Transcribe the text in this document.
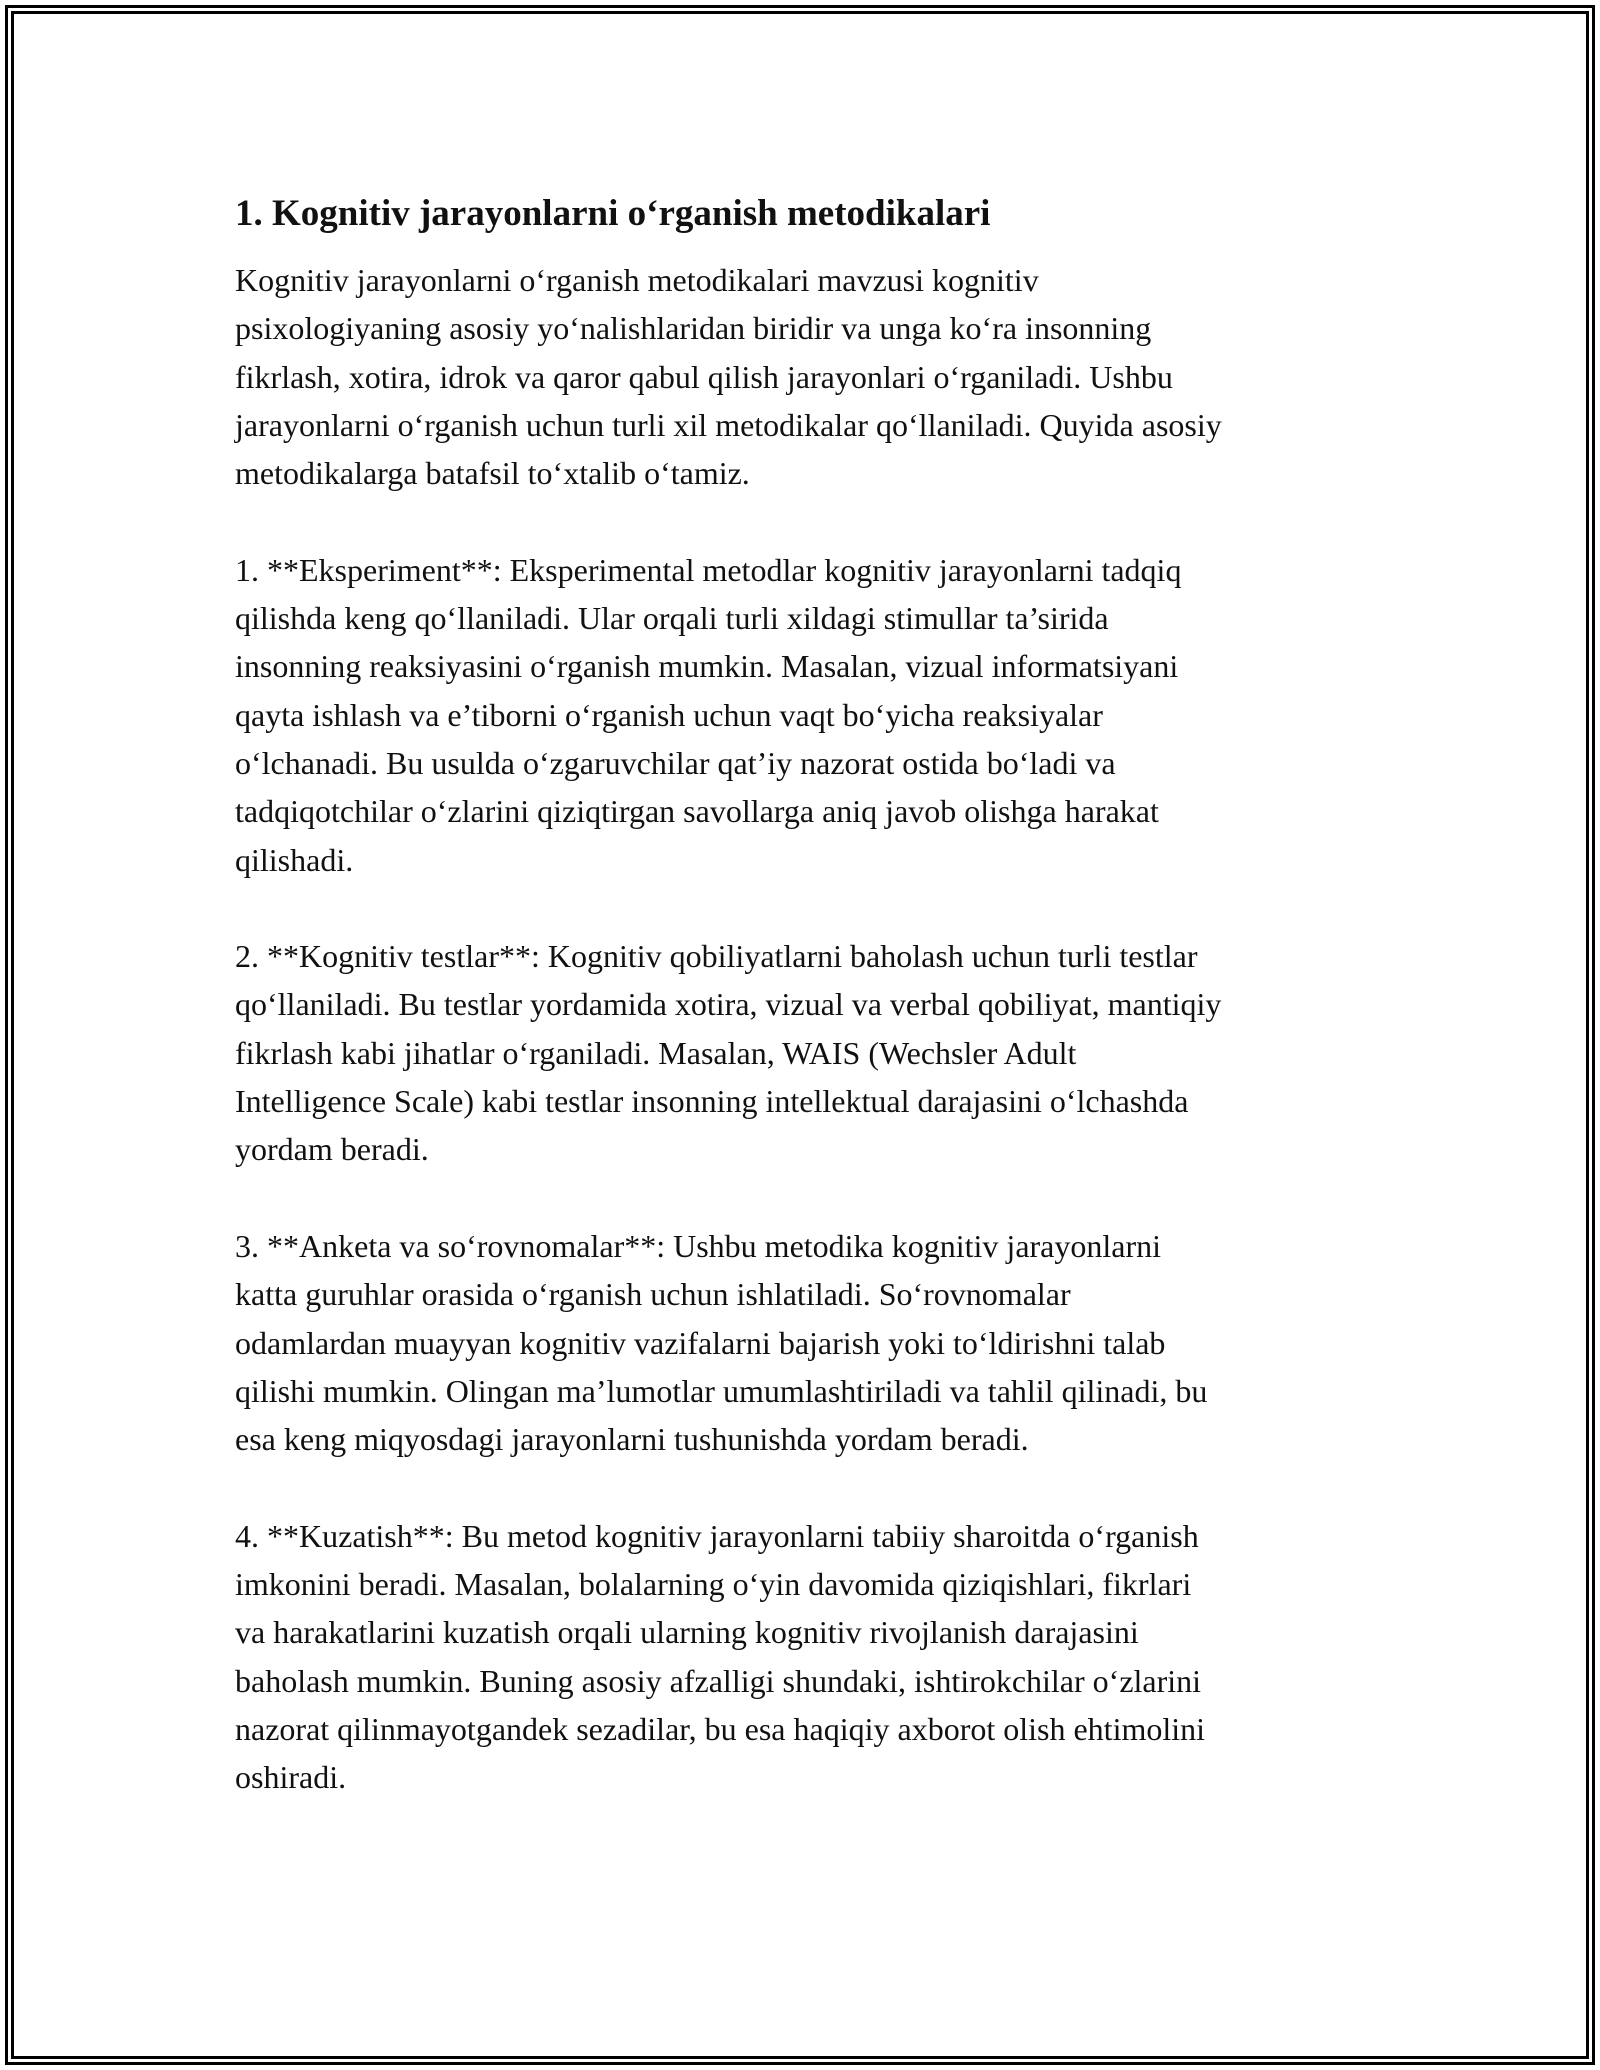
1. Kognitiv jarayonlarni o‘rganish metodikalari
Kognitiv jarayonlarni o‘rganish metodikalari mavzusi kognitiv
psixologiyaning asosiy yo‘nalishlaridan biridir va unga ko‘ra insonning
fikrlash, xotira, idrok va qaror qabul qilish jarayonlari o‘rganiladi. Ushbu
jarayonlarni o‘rganish uchun turli xil metodikalar qo‘llaniladi. Quyida asosiy
metodikalarga batafsil to‘xtalib o‘tamiz.
1. **Eksperiment**: Eksperimental metodlar kognitiv jarayonlarni tadqiq
qilishda keng qo‘llaniladi. Ular orqali turli xildagi stimullar ta’sirida
insonning reaksiyasini o‘rganish mumkin. Masalan, vizual informatsiyani
qayta ishlash va e’tiborni o‘rganish uchun vaqt bo‘yicha reaksiyalar
o‘lchanadi. Bu usulda o‘zgaruvchilar qat’iy nazorat ostida bo‘ladi va
tadqiqotchilar o‘zlarini qiziqtirgan savollarga aniq javob olishga harakat
qilishadi.
2. **Kognitiv testlar**: Kognitiv qobiliyatlarni baholash uchun turli testlar
qo‘llaniladi. Bu testlar yordamida xotira, vizual va verbal qobiliyat, mantiqiy
fikrlash kabi jihatlar o‘rganiladi. Masalan, WAIS (Wechsler Adult
Intelligence Scale) kabi testlar insonning intellektual darajasini o‘lchashda
yordam beradi.
3. **Anketa va so‘rovnomalar**: Ushbu metodika kognitiv jarayonlarni
katta guruhlar orasida o‘rganish uchun ishlatiladi. So‘rovnomalar
odamlardan muayyan kognitiv vazifalarni bajarish yoki to‘ldirishni talab
qilishi mumkin. Olingan ma’lumotlar umumlashtiriladi va tahlil qilinadi, bu
esa keng miqyosdagi jarayonlarni tushunishda yordam beradi.
4. **Kuzatish**: Bu metod kognitiv jarayonlarni tabiiy sharoitda o‘rganish
imkonini beradi. Masalan, bolalarning o‘yin davomida qiziqishlari, fikrlari
va harakatlarini kuzatish orqali ularning kognitiv rivojlanish darajasini
baholash mumkin. Buning asosiy afzalligi shundaki, ishtirokchilar o‘zlarini
nazorat qilinmayotgandek sezadilar, bu esa haqiqiy axborot olish ehtimolini
oshiradi.
